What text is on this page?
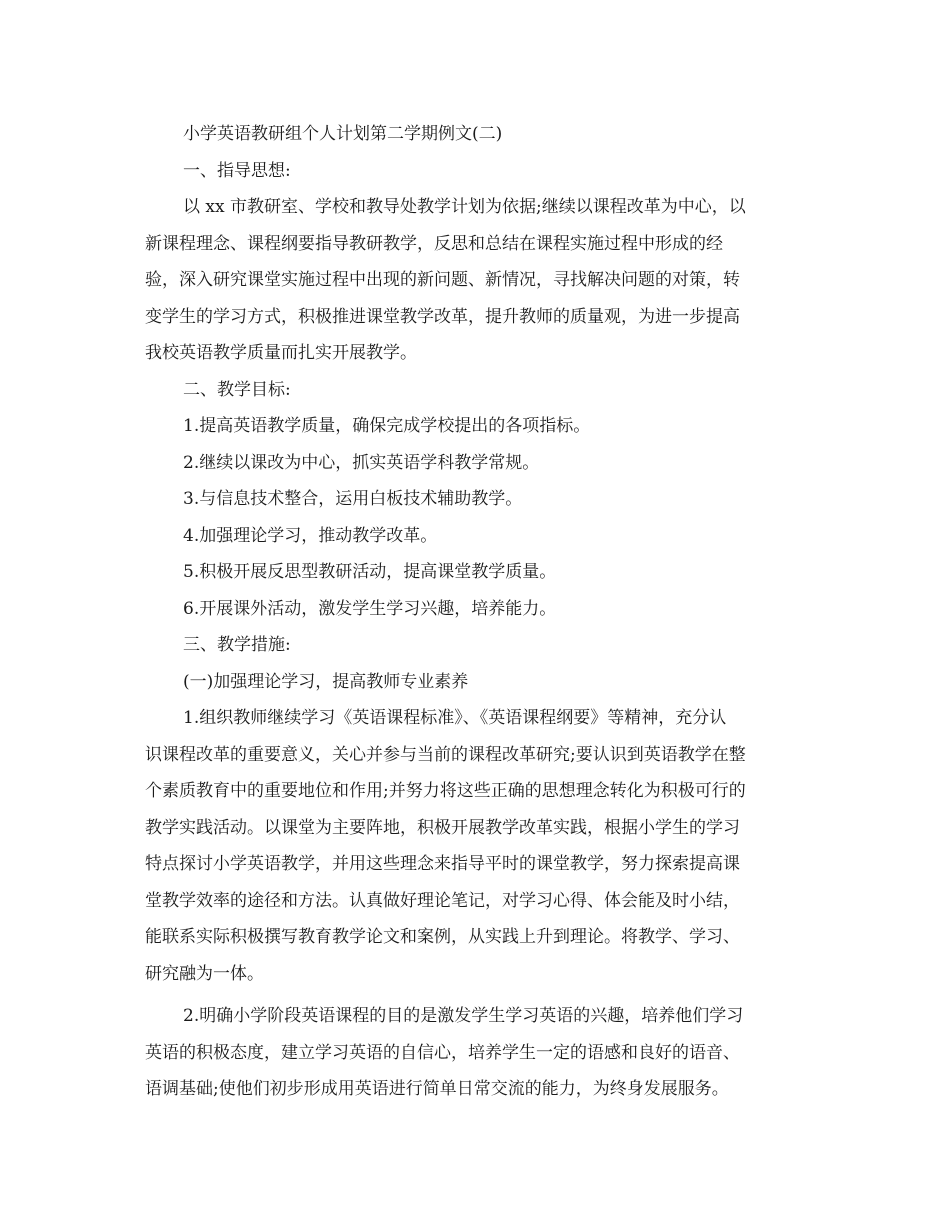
小学英语教研组个人计划第二学期例文(二)
一、指导思想:
以 xx 市教研室、学校和教导处教学计划为依据;继续以课程改革为中心，以
新课程理念、课程纲要指导教研教学，反思和总结在课程实施过程中形成的经
验，深入研究课堂实施过程中出现的新问题、新情况，寻找解决问题的对策，转
变学生的学习方式，积极推进课堂教学改革，提升教师的质量观，为进一步提高
我校英语教学质量而扎实开展教学。
二、教学目标:
1.提高英语教学质量，确保完成学校提出的各项指标。
2.继续以课改为中心，抓实英语学科教学常规。
3.与信息技术整合，运用白板技术辅助教学。
4.加强理论学习，推动教学改革。
5.积极开展反思型教研活动，提高课堂教学质量。
6.开展课外活动，激发学生学习兴趣，培养能力。
三、教学措施:
(一)加强理论学习，提高教师专业素养
1.组织教师继续学习《英语课程标准》、《英语课程纲要》等精神，充分认
识课程改革的重要意义，关心并参与当前的课程改革研究;要认识到英语教学在整
个素质教育中的重要地位和作用;并努力将这些正确的思想理念转化为积极可行的
教学实践活动。以课堂为主要阵地，积极开展教学改革实践，根据小学生的学习
特点探讨小学英语教学，并用这些理念来指导平时的课堂教学，努力探索提高课
堂教学效率的途径和方法。认真做好理论笔记，对学习心得、体会能及时小结，
能联系实际积极撰写教育教学论文和案例，从实践上升到理论。将教学、学习、
研究融为一体。
2.明确小学阶段英语课程的目的是激发学生学习英语的兴趣，培养他们学习
英语的积极态度，建立学习英语的自信心，培养学生一定的语感和良好的语音、
语调基础;使他们初步形成用英语进行简单日常交流的能力，为终身发展服务。
